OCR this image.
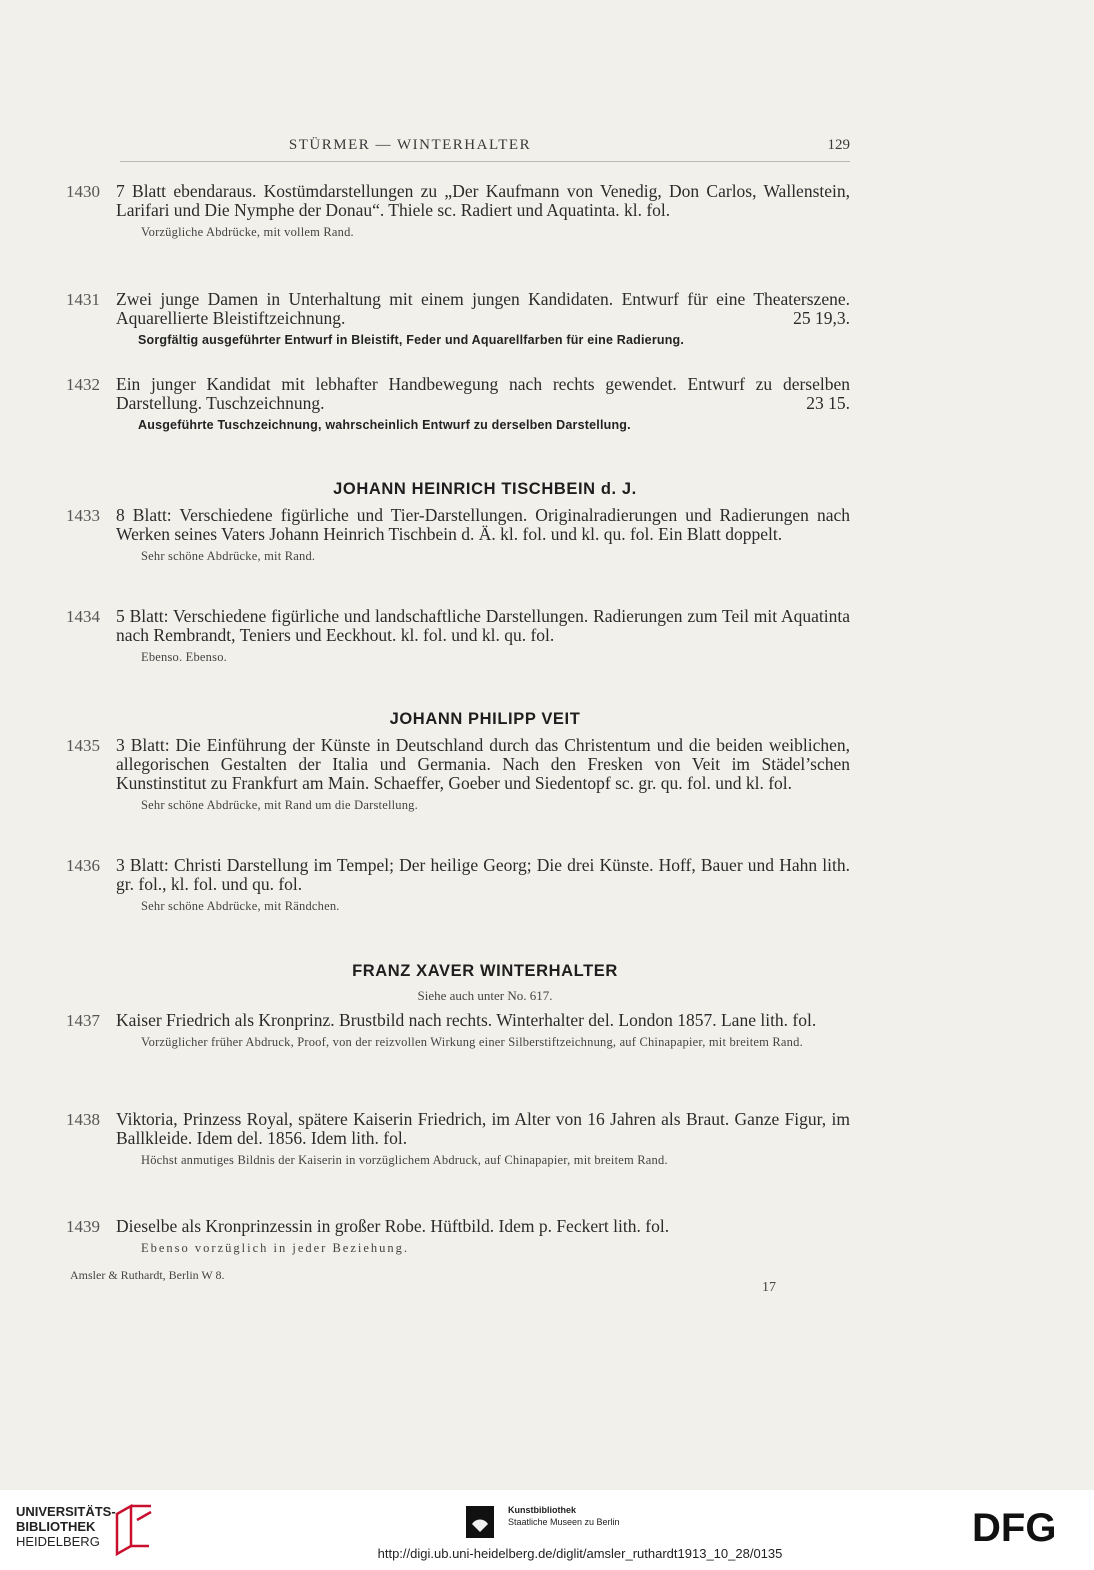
STÜRMER — WINTERHALTER	129
1430 7 Blatt ebendaraus. Kostümdarstellungen zu „Der Kaufmann von Venedig, Don Carlos, Wallenstein, Larifari und Die Nymphe der Donau“. Thiele sc. Radiert und Aquatinta. kl. fol.
Vorzügliche Abdrücke, mit vollem Rand.
1431 Zwei junge Damen in Unterhaltung mit einem jungen Kandidaten. Entwurf für eine Theaterszene. Aquarellierte Bleistiftzeichnung.	25 19,3.
Sorgfältig ausgeführter Entwurf in Bleistift, Feder und Aquarellfarben für eine Radierung.
1432 Ein junger Kandidat mit lebhafter Handbewegung nach rechts gewendet. Entwurf zu derselben Darstellung. Tuschzeichnung.	23 15.
Ausgeführte Tuschzeichnung, wahrscheinlich Entwurf zu derselben Darstellung.
JOHANN HEINRICH TISCHBEIN d. J.
1433 8 Blatt: Verschiedene figürliche und Tier-Darstellungen. Originalradierungen und Radierungen nach Werken seines Vaters Johann Heinrich Tischbein d. Ä. kl. fol. und kl. qu. fol. Ein Blatt doppelt.
Sehr schöne Abdrücke, mit Rand.
1434 5 Blatt: Verschiedene figürliche und landschaftliche Darstellungen. Radierungen zum Teil mit Aquatinta nach Rembrandt, Teniers und Eeckhout. kl. fol. und kl. qu. fol.
Ebenso. Ebenso.
JOHANN PHILIPP VEIT
1435 3 Blatt: Die Einführung der Künste in Deutschland durch das Christentum und die beiden weiblichen, allegorischen Gestalten der Italia und Germania. Nach den Fresken von Veit im Städel’schen Kunstinstitut zu Frankfurt am Main. Schaeffer, Goeber und Siedentopf sc. gr. qu. fol. und kl. fol.
Sehr schöne Abdrücke, mit Rand um die Darstellung.
1436 3 Blatt: Christi Darstellung im Tempel; Der heilige Georg; Die drei Künste. Hoff, Bauer und Hahn lith. gr. fol., kl. fol. und qu. fol.
Sehr schöne Abdrücke, mit Rändchen.
FRANZ XAVER WINTERHALTER
Siehe auch unter No. 617.
1437 Kaiser Friedrich als Kronprinz. Brustbild nach rechts. Winterhalter del. London 1857. Lane lith. fol.
Vorzüglicher früher Abdruck, Proof, von der reizvollen Wirkung einer Silberstiftzeichnung, auf Chinapapier, mit breitem Rand.
1438 Viktoria, Prinzess Royal, spätere Kaiserin Friedrich, im Alter von 16 Jahren als Braut. Ganze Figur, im Ballkleide. Idem del. 1856. Idem lith. fol.
Höchst anmutiges Bildnis der Kaiserin in vorzüglichem Abdruck, auf Chinapapier, mit breitem Rand.
1439 Dieselbe als Kronprinzessin in großer Robe. Hüftbild. Idem p. Feckert lith. fol.
Ebenso vorzüglich in jeder Beziehung.
Amsler & Ruthardt, Berlin W 8.
17
UNIVERSITÄTS-
BIBLIOTHEK
HEIDELBERG
Kunstbibliothek
Staatliche Museen zu Berlin	DFG
http://digi.ub.uni-heidelberg.de/diglit/amsler_ruthardt1913_10_28/0135
